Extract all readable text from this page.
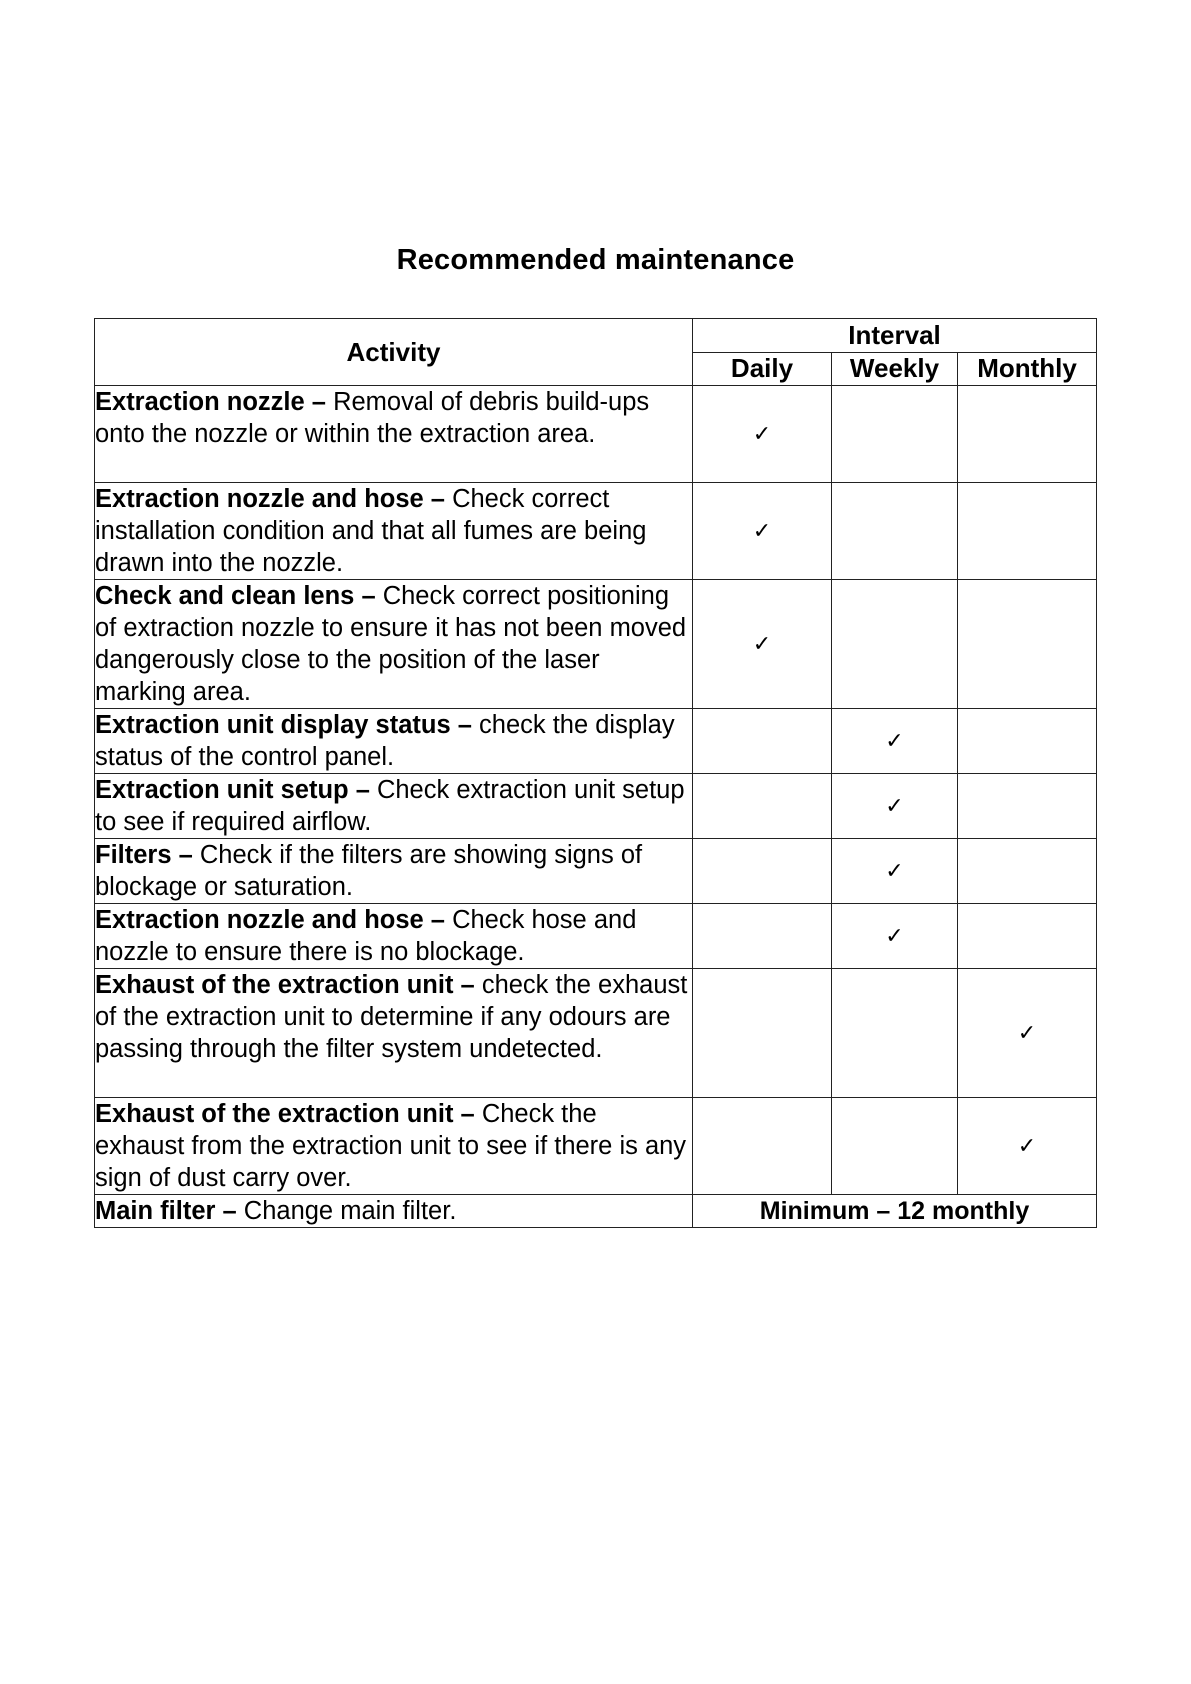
Recommended maintenance
Activity	Interval		
	Daily	Weekly	Monthly
Extraction nozzle – Removal of debris build-ups onto the nozzle or within the extraction area.	✓		
Extraction nozzle and hose – Check correct installation condition and that all fumes are being drawn into the nozzle.	✓		
Check and clean lens – Check correct positioning of extraction nozzle to ensure it has not been moved dangerously close to the position of the laser marking area.	✓		
Extraction unit display status – check the display status of the control panel.		✓	
Extraction unit setup – Check extraction unit setup to see if required airflow.		✓	
Filters – Check if the filters are showing signs of blockage or saturation.		✓	
Extraction nozzle and hose – Check hose and nozzle to ensure there is no blockage.		✓	
Exhaust of the extraction unit – check the exhaust of the extraction unit to determine if any odours are passing through the filter system undetected.			✓
Exhaust of the extraction unit – Check the exhaust from the extraction unit to see if there is any sign of dust carry over.			✓
Main filter – Change main filter.	Minimum – 12 monthly		
